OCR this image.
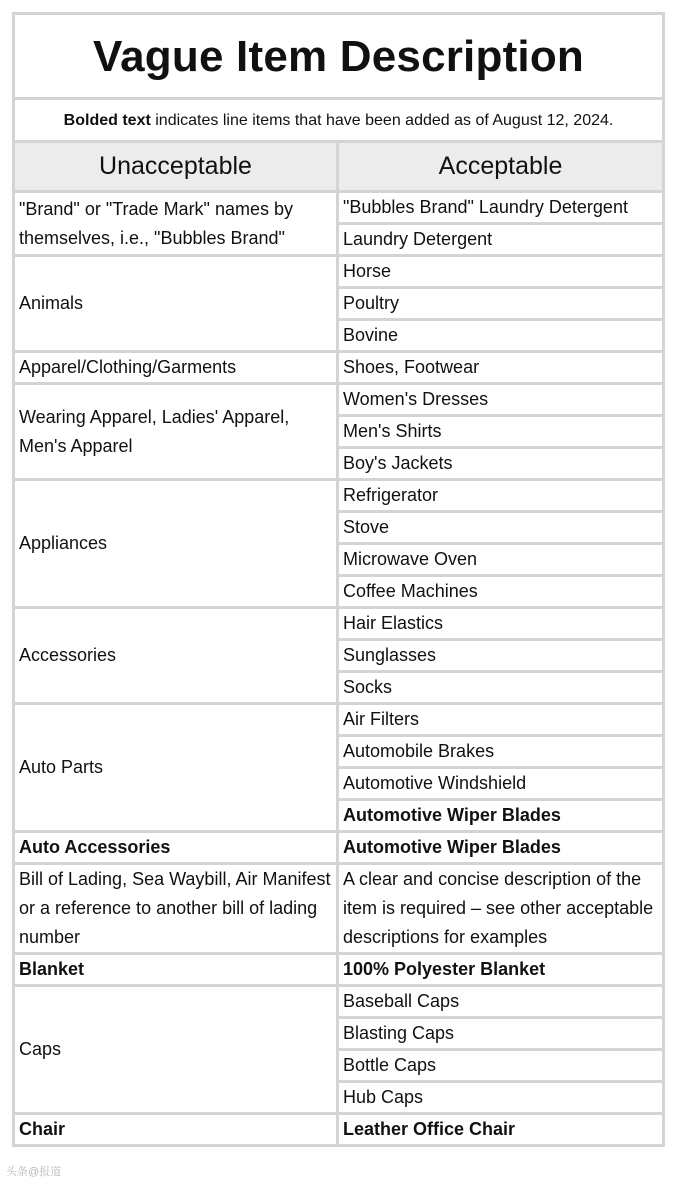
Vague Item Description	
Bolded text indicates line items that have been added as of August 12, 2024.	
Unacceptable	Acceptable
"Brand" or "Trade Mark" names by themselves, i.e., "Bubbles Brand"	"Bubbles Brand" Laundry Detergent
	Laundry Detergent
Animals	Horse
	Poultry
	Bovine
Apparel/Clothing/Garments	Shoes, Footwear
Wearing Apparel, Ladies' Apparel, Men's Apparel	Women's Dresses
	Men's Shirts
	Boy's Jackets
Appliances	Refrigerator
	Stove
	Microwave Oven
	Coffee Machines
Accessories	Hair Elastics
	Sunglasses
	Socks
Auto Parts	Air Filters
	Automobile Brakes
	Automotive Windshield
	Automotive Wiper Blades
Auto Accessories	Automotive Wiper Blades
Bill of Lading, Sea Waybill, Air Manifest or a reference to another bill of lading number	A clear and concise description of the item is required – see other acceptable descriptions for examples
Blanket	100% Polyester Blanket
Caps	Baseball Caps
	Blasting Caps
	Bottle Caps
	Hub Caps
Chair	Leather Office Chair
头条@报道
